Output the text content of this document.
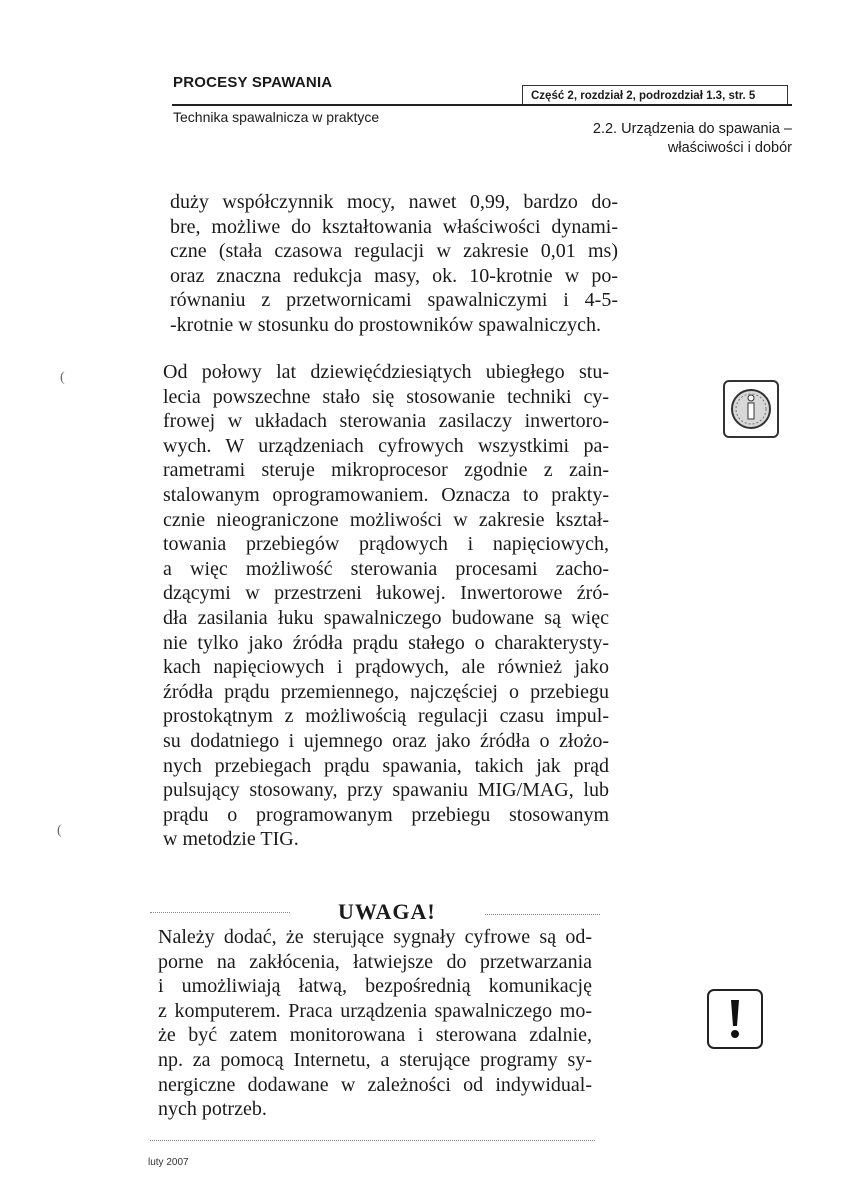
PROCESY SPAWANIA
Część 2, rozdział 2, podrozdział 1.3, str. 5
Technika spawalnicza w praktyce
2.2. Urządzenia do spawania –
właściwości i dobór
duży współczynnik mocy, nawet 0,99, bardzo do-
bre, możliwe do kształtowania właściwości dynami-
czne (stała czasowa regulacji w zakresie 0,01 ms)
oraz znaczna redukcja masy, ok. 10-krotnie w po-
równaniu z przetwornicami spawalniczymi i 4-5-
-krotnie w stosunku do prostowników spawalniczych.
Od połowy lat dziewięćdziesiątych ubiegłego stu-
lecia powszechne stało się stosowanie techniki cy-
frowej w układach sterowania zasilaczy inwertoro-
wych. W urządzeniach cyfrowych wszystkimi pa-
rametrami steruje mikroprocesor zgodnie z zain-
stalowanym oprogramowaniem. Oznacza to prakty-
cznie nieograniczone możliwości w zakresie kształ-
towania przebiegów prądowych i napięciowych,
a więc możliwość sterowania procesami zacho-
dzącymi w przestrzeni łukowej. Inwertorowe źró-
dła zasilania łuku spawalniczego budowane są więc
nie tylko jako źródła prądu stałego o charakterysty-
kach napięciowych i prądowych, ale również jako
źródła prądu przemiennego, najczęściej o przebiegu
prostokątnym z możliwością regulacji czasu impul-
su dodatniego i ujemnego oraz jako źródła o złożo-
nych przebiegach prądu spawania, takich jak prąd
pulsujący stosowany, przy spawaniu MIG/MAG, lub
prądu o programowanym przebiegu stosowanym
w metodzie TIG.
(
(
UWAGA!
Należy dodać, że sterujące sygnały cyfrowe są od-
porne na zakłócenia, łatwiejsze do przetwarzania
i umożliwiają łatwą, bezpośrednią komunikację
z komputerem. Praca urządzenia spawalniczego mo-
że być zatem monitorowana i sterowana zdalnie,
np. za pomocą Internetu, a sterujące programy sy-
nergiczne dodawane w zależności od indywidual-
nych potrzeb.
luty 2007
